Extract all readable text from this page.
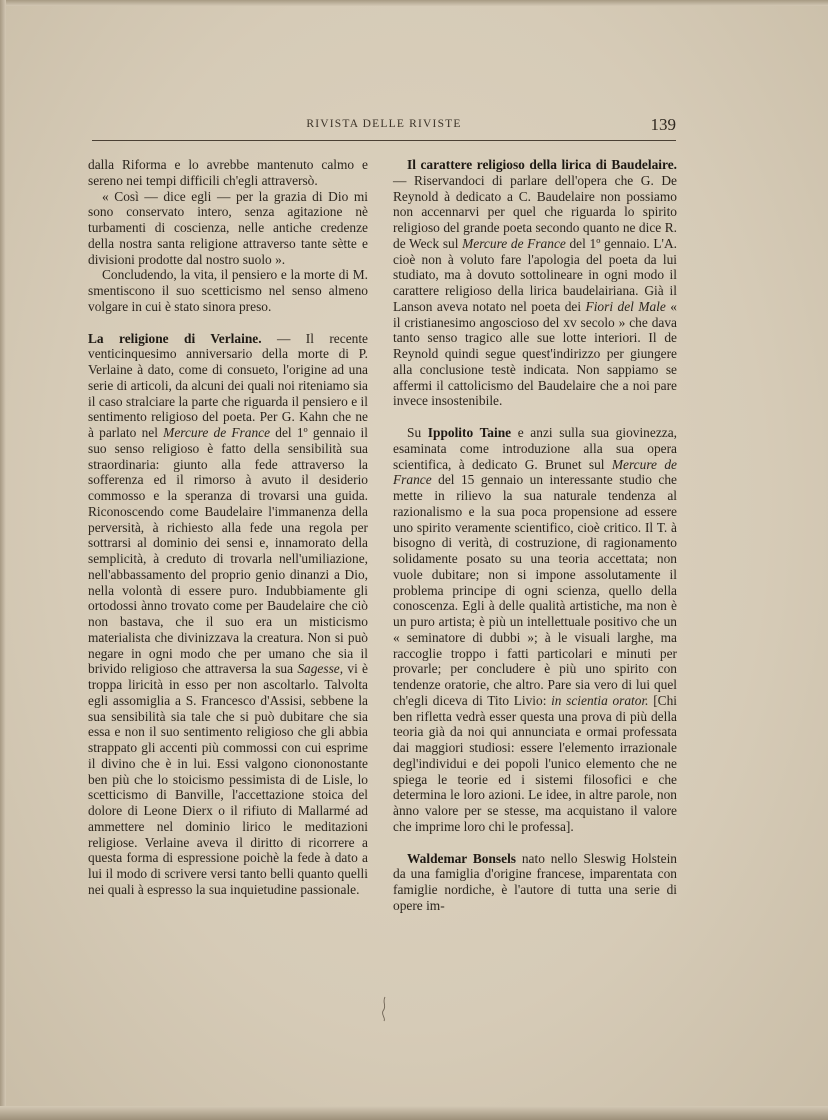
RIVISTA DELLE RIVISTE	139

dalla Riforma e lo avrebbe mantenuto calmo e sereno nei tempi difficili ch'egli attraversò.

« Così — dice egli — per la grazia di Dio mi sono conservato intero, senza agitazione nè turbamenti di coscienza, nelle antiche credenze della nostra santa religione attraverso tante sètte e divisioni prodotte dal nostro suolo ».

Concludendo, la vita, il pensiero e la morte di M. smentiscono il suo scetticismo nel senso almeno volgare in cui è stato sinora preso.

La religione di Verlaine. — Il recente venticinquesimo anniversario della morte di P. Verlaine à dato, come di consueto, l'origine ad una serie di articoli, da alcuni dei quali noi riteniamo sia il caso stralciare la parte che riguarda il pensiero e il sentimento religioso del poeta. Per G. Kahn che ne à parlato nel Mercure de France del 1º gennaio il suo senso religioso è fatto della sensibilità sua straordinaria: giunto alla fede attraverso la sofferenza ed il rimorso à avuto il desiderio commosso e la speranza di trovarsi una guida. Riconoscendo come Baudelaire l'immanenza della perversità, à richiesto alla fede una regola per sottrarsi al dominio dei sensi e, innamorato della semplicità, à creduto di trovarla nell'umiliazione, nell'abbassamento del proprio genio dinanzi a Dio, nella volontà di essere puro. Indubbiamente gli ortodossi ànno trovato come per Baudelaire che ciò non bastava, che il suo era un misticismo materialista che divinizzava la creatura. Non si può negare in ogni modo che per umano che sia il brivido religioso che attraversa la sua Sagesse, vi è troppa liricità in esso per non ascoltarlo. Talvolta egli assomiglia a S. Francesco d'Assisi, sebbene la sua sensibilità sia tale che si può dubitare che sia essa e non il suo sentimento religioso che gli abbia strappato gli accenti più commossi con cui esprime il divino che è in lui. Essi valgono ciononostante ben più che lo stoicismo pessimista di de Lisle, lo scetticismo di Banville, l'accettazione stoica del dolore di Leone Dierx o il rifiuto di Mallarmé ad ammettere nel dominio lirico le meditazioni religiose. Verlaine aveva il diritto di ricorrere a questa forma di espressione poichè la fede à dato a lui il modo di scrivere versi tanto belli quanto quelli nei quali à espresso la sua inquietudine passionale.

Il carattere religioso della lirica di Baudelaire. — Riservandoci di parlare dell'opera che G. De Reynold à dedicato a C. Baudelaire non possiamo non accennarvi per quel che riguarda lo spirito religioso del grande poeta secondo quanto ne dice R. de Weck sul Mercure de France del 1º gennaio. L'A. cioè non à voluto fare l'apologia del poeta da lui studiato, ma à dovuto sottolineare in ogni modo il carattere religioso della lirica baudelairiana. Già il Lanson aveva notato nel poeta dei Fiori del Male « il cristianesimo angoscioso del xv secolo » che dava tanto senso tragico alle sue lotte interiori. Il de Reynold quindi segue quest'indirizzo per giungere alla conclusione testè indicata. Non sappiamo se affermi il cattolicismo del Baudelaire che a noi pare invece insostenibile.

Su Ippolito Taine e anzi sulla sua giovinezza, esaminata come introduzione alla sua opera scientifica, à dedicato G. Brunet sul Mercure de France del 15 gennaio un interessante studio che mette in rilievo la sua naturale tendenza al razionalismo e la sua poca propensione ad essere uno spirito veramente scientifico, cioè critico. Il T. à bisogno di verità, di costruzione, di ragionamento solidamente posato su una teoria accettata; non vuole dubitare; non si impone assolutamente il problema principe di ogni scienza, quello della conoscenza. Egli à delle qualità artistiche, ma non è un puro artista; è più un intellettuale positivo che un « seminatore di dubbi »; à le visuali larghe, ma raccoglie troppo i fatti particolari e minuti per provarle; per concludere è più uno spirito con tendenze oratorie, che altro. Pare sia vero di lui quel ch'egli diceva di Tito Livio: in scientia orator. [Chi ben rifletta vedrà esser questa una prova di più della teoria già da noi qui annunciata e ormai professata dai maggiori studiosi: essere l'elemento irrazionale degl'individui e dei popoli l'unico elemento che ne spiega le teorie ed i sistemi filosofici e che determina le loro azioni. Le idee, in altre parole, non ànno valore per se stesse, ma acquistano il valore che imprime loro chi le professa].

Waldemar Bonsels nato nello Sleswig Holstein da una famiglia d'origine francese, imparentata con famiglie nordiche, è l'autore di tutta una serie di opere im-
